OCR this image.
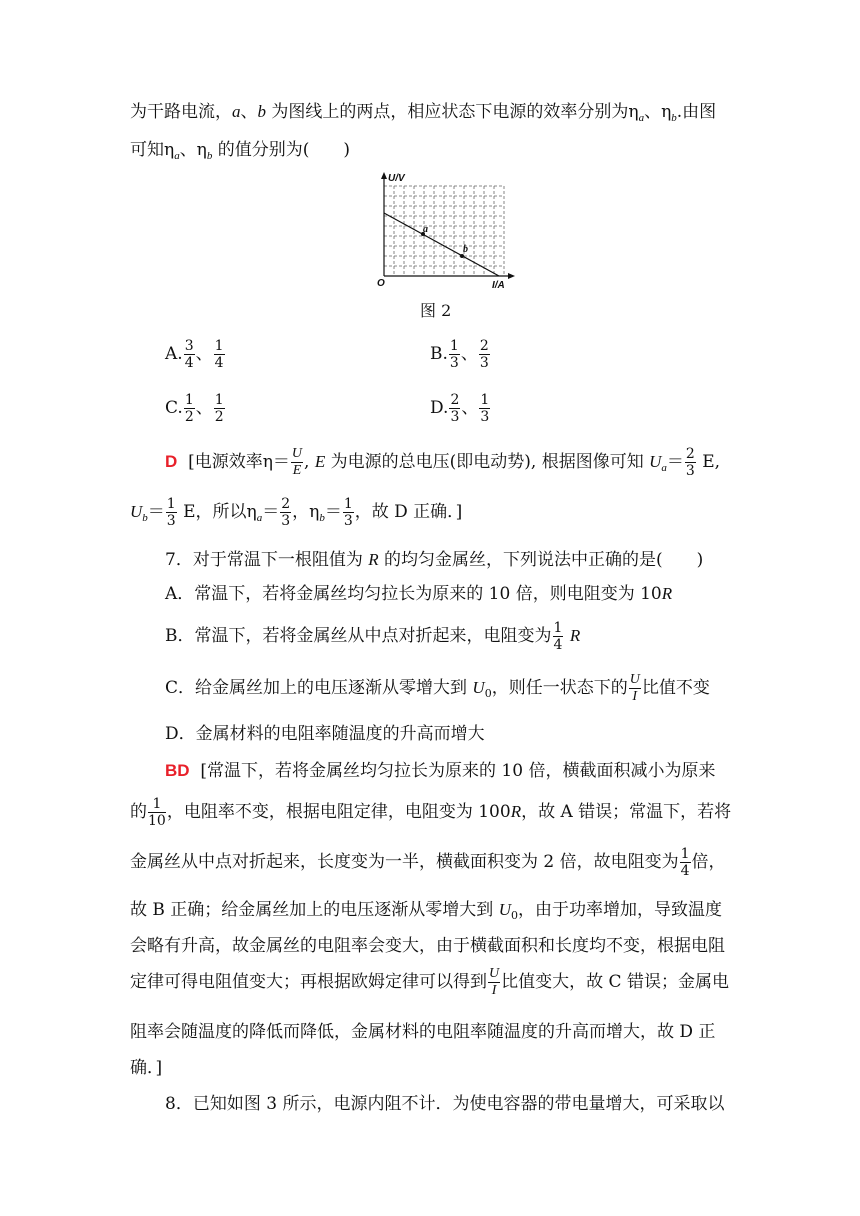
为干路电流，a、b 为图线上的两点，相应状态下电源的效率分别为$\eta_a$、$\eta_b$.由图
可知$\eta_a$、$\eta_b$ 的值分别为(　　)
U/V
I/A
O
a
b
图 2
A. $\frac{3}{4}$ 、 $\frac{1}{4}$	B. $\frac{1}{3}$ 、 $\frac{2}{3}$
C. $\frac{1}{2}$ 、 $\frac{1}{2}$	D. $\frac{2}{3}$ 、 $\frac{1}{3}$
D [电源效率$\eta= \frac{U}{E}$ , E 为电源的总电压(即电动势), 根据图像可知 $U_a= \frac{2}{3} E$,
$U_b= \frac{1}{3}$ E，所以$\eta_a= \frac{2}{3}$ ，$\eta_b= \frac{1}{3}$ ，故 D 正确．]
7．对于常温下一根阻值为 R 的均匀金属丝，下列说法中正确的是(　　)
A．常温下，若将金属丝均匀拉长为原来的 10 倍，则电阻变为 10R
B．常温下，若将金属丝从中点对折起来，电阻变为 $\frac{1}{4}$ R
C．给金属丝加上的电压逐渐从零增大到 $U_0$，则任一状态下的 $\frac{U}{I}$ 比值不变
D．金属材料的电阻率随温度的升高而增大
BD [常温下，若将金属丝均匀拉长为原来的 10 倍，横截面积减小为原来
的 $\frac{1}{10}$ ，电阻率不变，根据电阻定律，电阻变为 100R，故 A 错误；常温下，若将
金属丝从中点对折起来，长度变为一半，横截面积变为 2 倍，故电阻变为 $\frac{1}{4}$ 倍，
故 B 正确；给金属丝加上的电压逐渐从零增大到 $U_0$，由于功率增加，导致温度
会略有升高，故金属丝的电阻率会变大，由于横截面积和长度均不变，根据电阻
定律可得电阻值变大；再根据欧姆定律可以得到 $\frac{U}{I}$ 比值变大，故 C 错误；金属电
阻率会随温度的降低而降低，金属材料的电阻率随温度的升高而增大，故 D 正
确．]
8．已知如图 3 所示，电源内阻不计．为使电容器的带电量增大，可采取以
